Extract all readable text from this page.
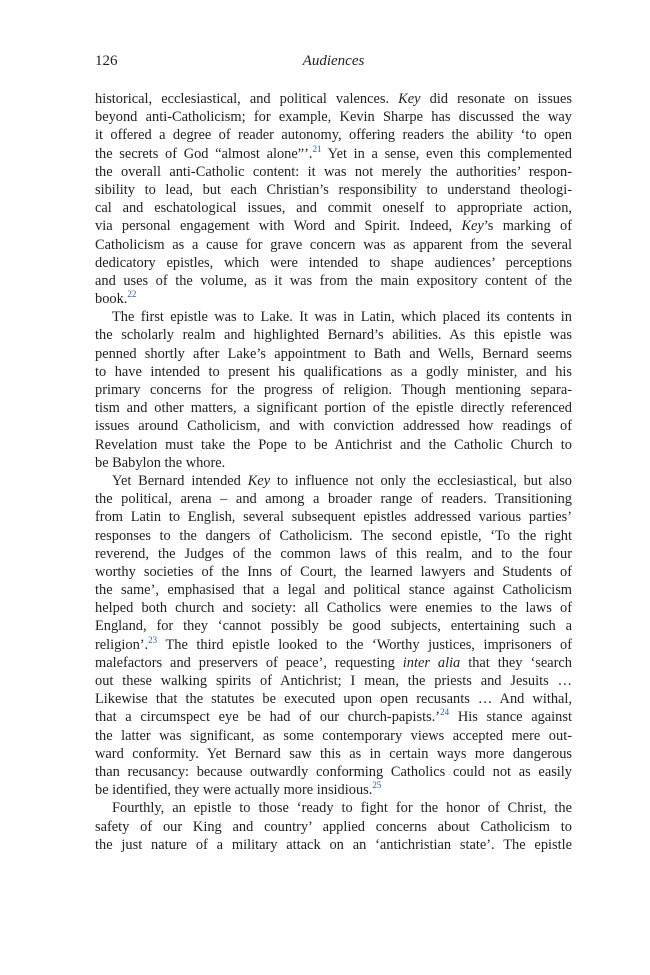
126	Audiences
historical, ecclesiastical, and political valences. Key did resonate on issues
beyond anti-Catholicism; for example, Kevin Sharpe has discussed the way
it offered a degree of reader autonomy, offering readers the ability ‘to open
the secrets of God “almost alone”’.$^{21}$ Yet in a sense, even this complemented
the overall anti-Catholic content: it was not merely the authorities’ respon-
sibility to lead, but each Christian’s responsibility to understand theologi-
cal and eschatological issues, and commit oneself to appropriate action,
via personal engagement with Word and Spirit. Indeed, Key’s marking of
Catholicism as a cause for grave concern was as apparent from the several
dedicatory epistles, which were intended to shape audiences’ perceptions
and uses of the volume, as it was from the main expository content of the
book.$^{22}$
The first epistle was to Lake. It was in Latin, which placed its contents in
the scholarly realm and highlighted Bernard’s abilities. As this epistle was
penned shortly after Lake’s appointment to Bath and Wells, Bernard seems
to have intended to present his qualifications as a godly minister, and his
primary concerns for the progress of religion. Though mentioning separa-
tism and other matters, a significant portion of the epistle directly referenced
issues around Catholicism, and with conviction addressed how readings of
Revelation must take the Pope to be Antichrist and the Catholic Church to
be Babylon the whore.
Yet Bernard intended Key to influence not only the ecclesiastical, but also
the political, arena – and among a broader range of readers. Transitioning
from Latin to English, several subsequent epistles addressed various parties’
responses to the dangers of Catholicism. The second epistle, ‘To the right
reverend, the Judges of the common laws of this realm, and to the four
worthy societies of the Inns of Court, the learned lawyers and Students of
the same’, emphasised that a legal and political stance against Catholicism
helped both church and society: all Catholics were enemies to the laws of
England, for they ‘cannot possibly be good subjects, entertaining such a
religion’.$^{23}$ The third epistle looked to the ‘Worthy justices, imprisoners of
malefactors and preservers of peace’, requesting inter alia that they ‘search
out these walking spirits of Antichrist; I mean, the priests and Jesuits …
Likewise that the statutes be executed upon open recusants … And withal,
that a circumspect eye be had of our church-papists.’$^{24}$ His stance against
the latter was significant, as some contemporary views accepted mere out-
ward conformity. Yet Bernard saw this as in certain ways more dangerous
than recusancy: because outwardly conforming Catholics could not as easily
be identified, they were actually more insidious.$^{25}$
Fourthly, an epistle to those ‘ready to fight for the honor of Christ, the
safety of our King and country’ applied concerns about Catholicism to
the just nature of a military attack on an ‘antichristian state’. The epistle
